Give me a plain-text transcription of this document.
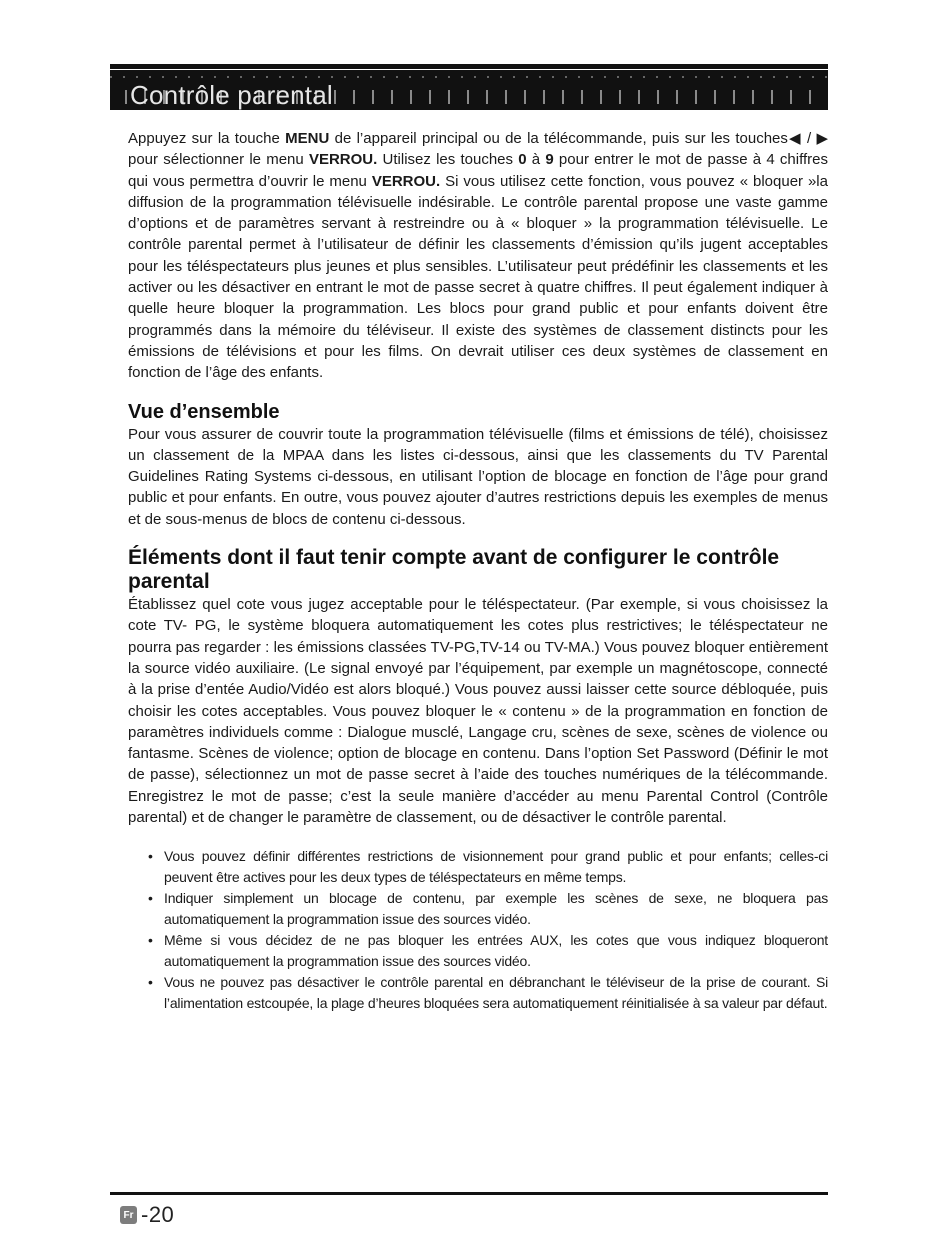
Contrôle parental

Appuyez sur la touche MENU de l’appareil principal ou de la télécommande, puis sur les touches◀ / ▶ pour sélectionner le menu VERROU. Utilisez les touches 0 à 9 pour entrer le mot de passe à 4 chiffres qui vous permettra d’ouvrir le menu VERROU. Si vous utilisez cette fonction, vous pouvez « bloquer »la diffusion de la programmation télévisuelle indésirable. Le contrôle parental propose une vaste gamme d’options et de paramètres servant à restreindre ou à « bloquer » la programmation télévisuelle. Le contrôle parental permet à l’utilisateur de définir les classements d’émission qu’ils jugent acceptables pour les téléspectateurs plus jeunes et plus sensibles. L’utilisateur peut prédéfinir les classements et les activer ou les désactiver en entrant le mot de passe secret à quatre chiffres. Il peut également indiquer à quelle heure bloquer la programmation. Les blocs pour grand public et pour enfants doivent être programmés dans la mémoire du téléviseur. Il existe des systèmes de classement distincts pour les émissions de télévisions et pour les films. On devrait utiliser ces deux systèmes de classement en fonction de l’âge des enfants.

Vue d’ensemble

Pour vous assurer de couvrir toute la programmation télévisuelle (films et émissions de télé), choisissez un classement de la MPAA dans les listes ci-dessous, ainsi que les classements du TV Parental Guidelines Rating Systems ci-dessous, en utilisant l’option de blocage en fonction de l’âge pour grand public et pour enfants. En outre, vous pouvez ajouter d’autres restrictions depuis les exemples de menus et de sous-menus de blocs de contenu ci-dessous.

Éléments dont il faut tenir compte avant de configurer le contrôle parental

Établissez quel cote vous jugez acceptable pour le téléspectateur. (Par exemple, si vous choisissez la cote TV- PG, le système bloquera automatiquement les cotes plus restrictives; le téléspectateur ne pourra pas regarder : les émissions classées TV-PG,TV-14 ou TV-MA.) Vous pouvez bloquer entièrement la source vidéo auxiliaire. (Le signal envoyé par l’équipement, par exemple un magnétoscope, connecté à la prise d’entée Audio/Vidéo est alors bloqué.) Vous pouvez aussi laisser cette source débloquée, puis choisir les cotes acceptables. Vous pouvez bloquer le « contenu » de la programmation en fonction de paramètres individuels comme : Dialogue musclé, Langage cru, scènes de sexe, scènes de violence ou fantasme. Scènes de violence; option de blocage en contenu. Dans l’option Set Password (Définir le mot de passe), sélectionnez un mot de passe secret à l’aide des touches numériques de la télécommande. Enregistrez le mot de passe; c’est la seule manière d’accéder au menu Parental Control (Contrôle parental) et de changer le paramètre de classement, ou de désactiver le contrôle parental.

• Vous pouvez définir différentes restrictions de visionnement pour grand public et pour enfants; celles-ci peuvent être actives pour les deux types de téléspectateurs en même temps.
• Indiquer simplement un blocage de contenu, par exemple les scènes de sexe, ne bloquera pas automatiquement la programmation issue des sources vidéo.
• Même si vous décidez de ne pas bloquer les entrées AUX, les cotes que vous indiquez bloqueront automatiquement la programmation issue des sources vidéo.
• Vous ne pouvez pas désactiver le contrôle parental en débranchant le téléviseur de la prise de courant. Si l’alimentation estcoupée, la plage d’heures bloquées sera automatiquement réinitialisée à sa valeur par défaut.
Fr -20
